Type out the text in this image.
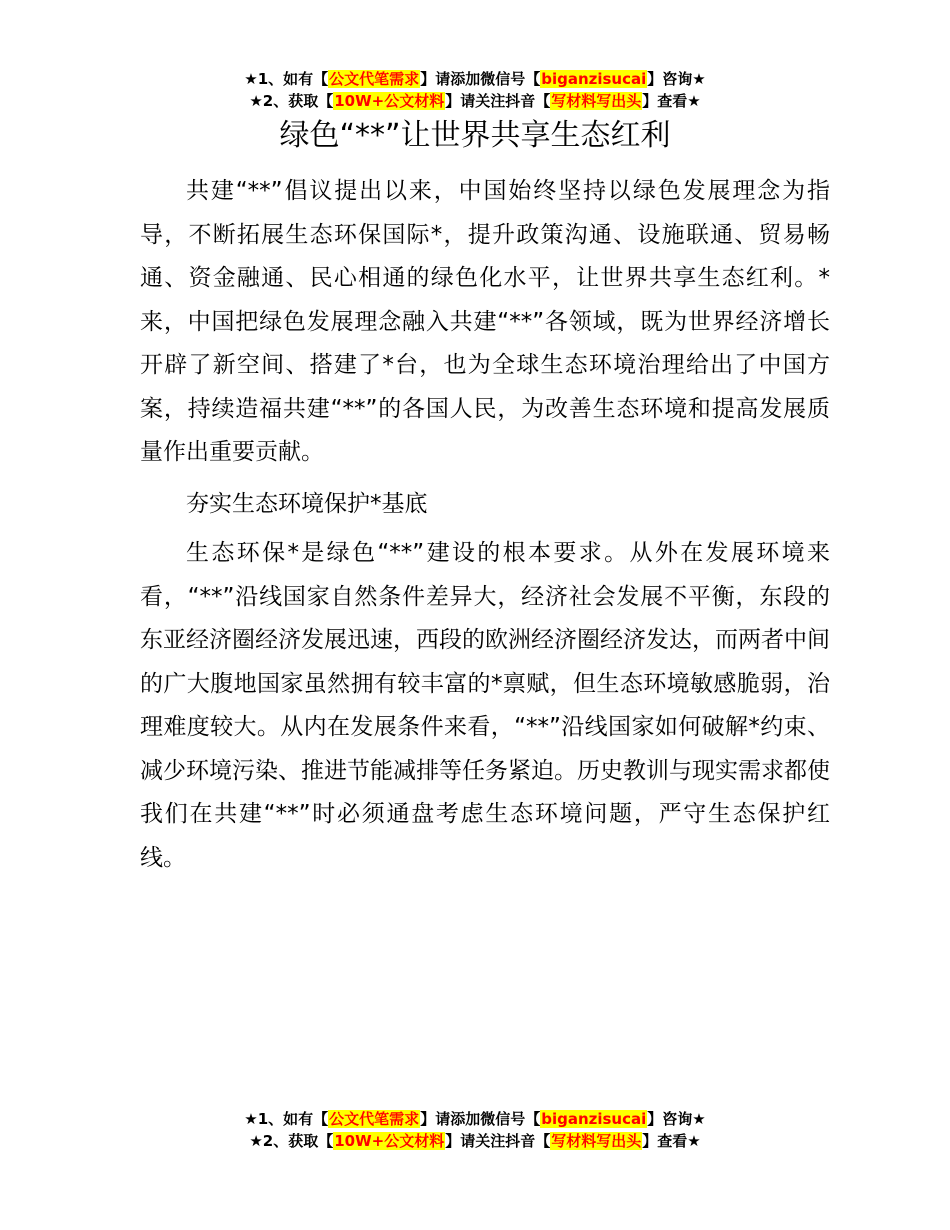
★1、如有【公文代笔需求】请添加微信号【biganzisucai】咨询★
★2、获取【10W+公文材料】请关注抖音【写材料写出头】查看★
绿色“**”让世界共享生态红利

共建“**”倡议提出以来，中国始终坚持以绿色发展理念为指导，不断拓展生态环保国际*，提升政策沟通、设施联通、贸易畅通、资金融通、民心相通的绿色化水平，让世界共享生态红利。*来，中国把绿色发展理念融入共建“**”各领域，既为世界经济增长开辟了新空间、搭建了*台，也为全球生态环境治理给出了中国方案，持续造福共建“**”的各国人民，为改善生态环境和提高发展质量作出重要贡献。

夯实生态环境保护*基底

生态环保*是绿色“**”建设的根本要求。从外在发展环境来看，“**”沿线国家自然条件差异大，经济社会发展不平衡，东段的东亚经济圈经济发展迅速，西段的欧洲经济圈经济发达，而两者中间的广大腹地国家虽然拥有较丰富的*禀赋，但生态环境敏感脆弱，治理难度较大。从内在发展条件来看，“**”沿线国家如何破解*约束、减少环境污染、推进节能减排等任务紧迫。历史教训与现实需求都使我们在共建“**”时必须通盘考虑生态环境问题，严守生态保护红线。

★1、如有【公文代笔需求】请添加微信号【biganzisucai】咨询★
★2、获取【10W+公文材料】请关注抖音【写材料写出头】查看★
